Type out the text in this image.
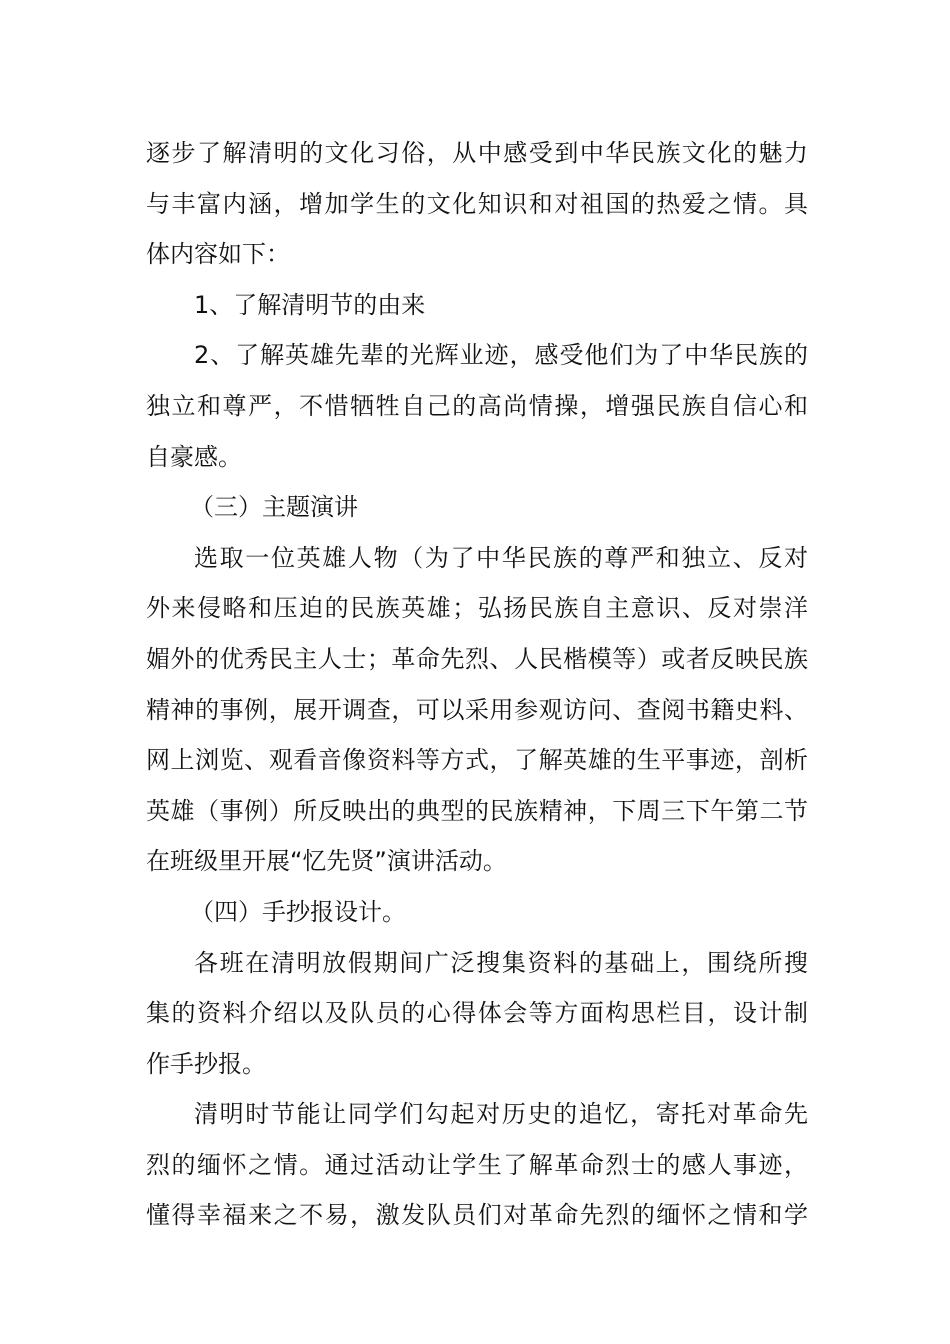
逐步了解清明的文化习俗，从中感受到中华民族文化的魅力
与丰富内涵，增加学生的文化知识和对祖国的热爱之情。具
体内容如下：
1、了解清明节的由来
2、了解英雄先辈的光辉业迹，感受他们为了中华民族的
独立和尊严，不惜牺牲自己的高尚情操，增强民族自信心和
自豪感。
（三）主题演讲
选取一位英雄人物（为了中华民族的尊严和独立、反对
外来侵略和压迫的民族英雄；弘扬民族自主意识、反对崇洋
媚外的优秀民主人士；革命先烈、人民楷模等）或者反映民族
精神的事例，展开调查，可以采用参观访问、查阅书籍史料、
网上浏览、观看音像资料等方式，了解英雄的生平事迹，剖析
英雄（事例）所反映出的典型的民族精神，下周三下午第二节
在班级里开展“忆先贤”演讲活动。
（四）手抄报设计。
各班在清明放假期间广泛搜集资料的基础上，围绕所搜
集的资料介绍以及队员的心得体会等方面构思栏目，设计制
作手抄报。
清明时节能让同学们勾起对历史的追忆，寄托对革命先
烈的缅怀之情。通过活动让学生了解革命烈士的感人事迹，
懂得幸福来之不易，激发队员们对革命先烈的缅怀之情和学
